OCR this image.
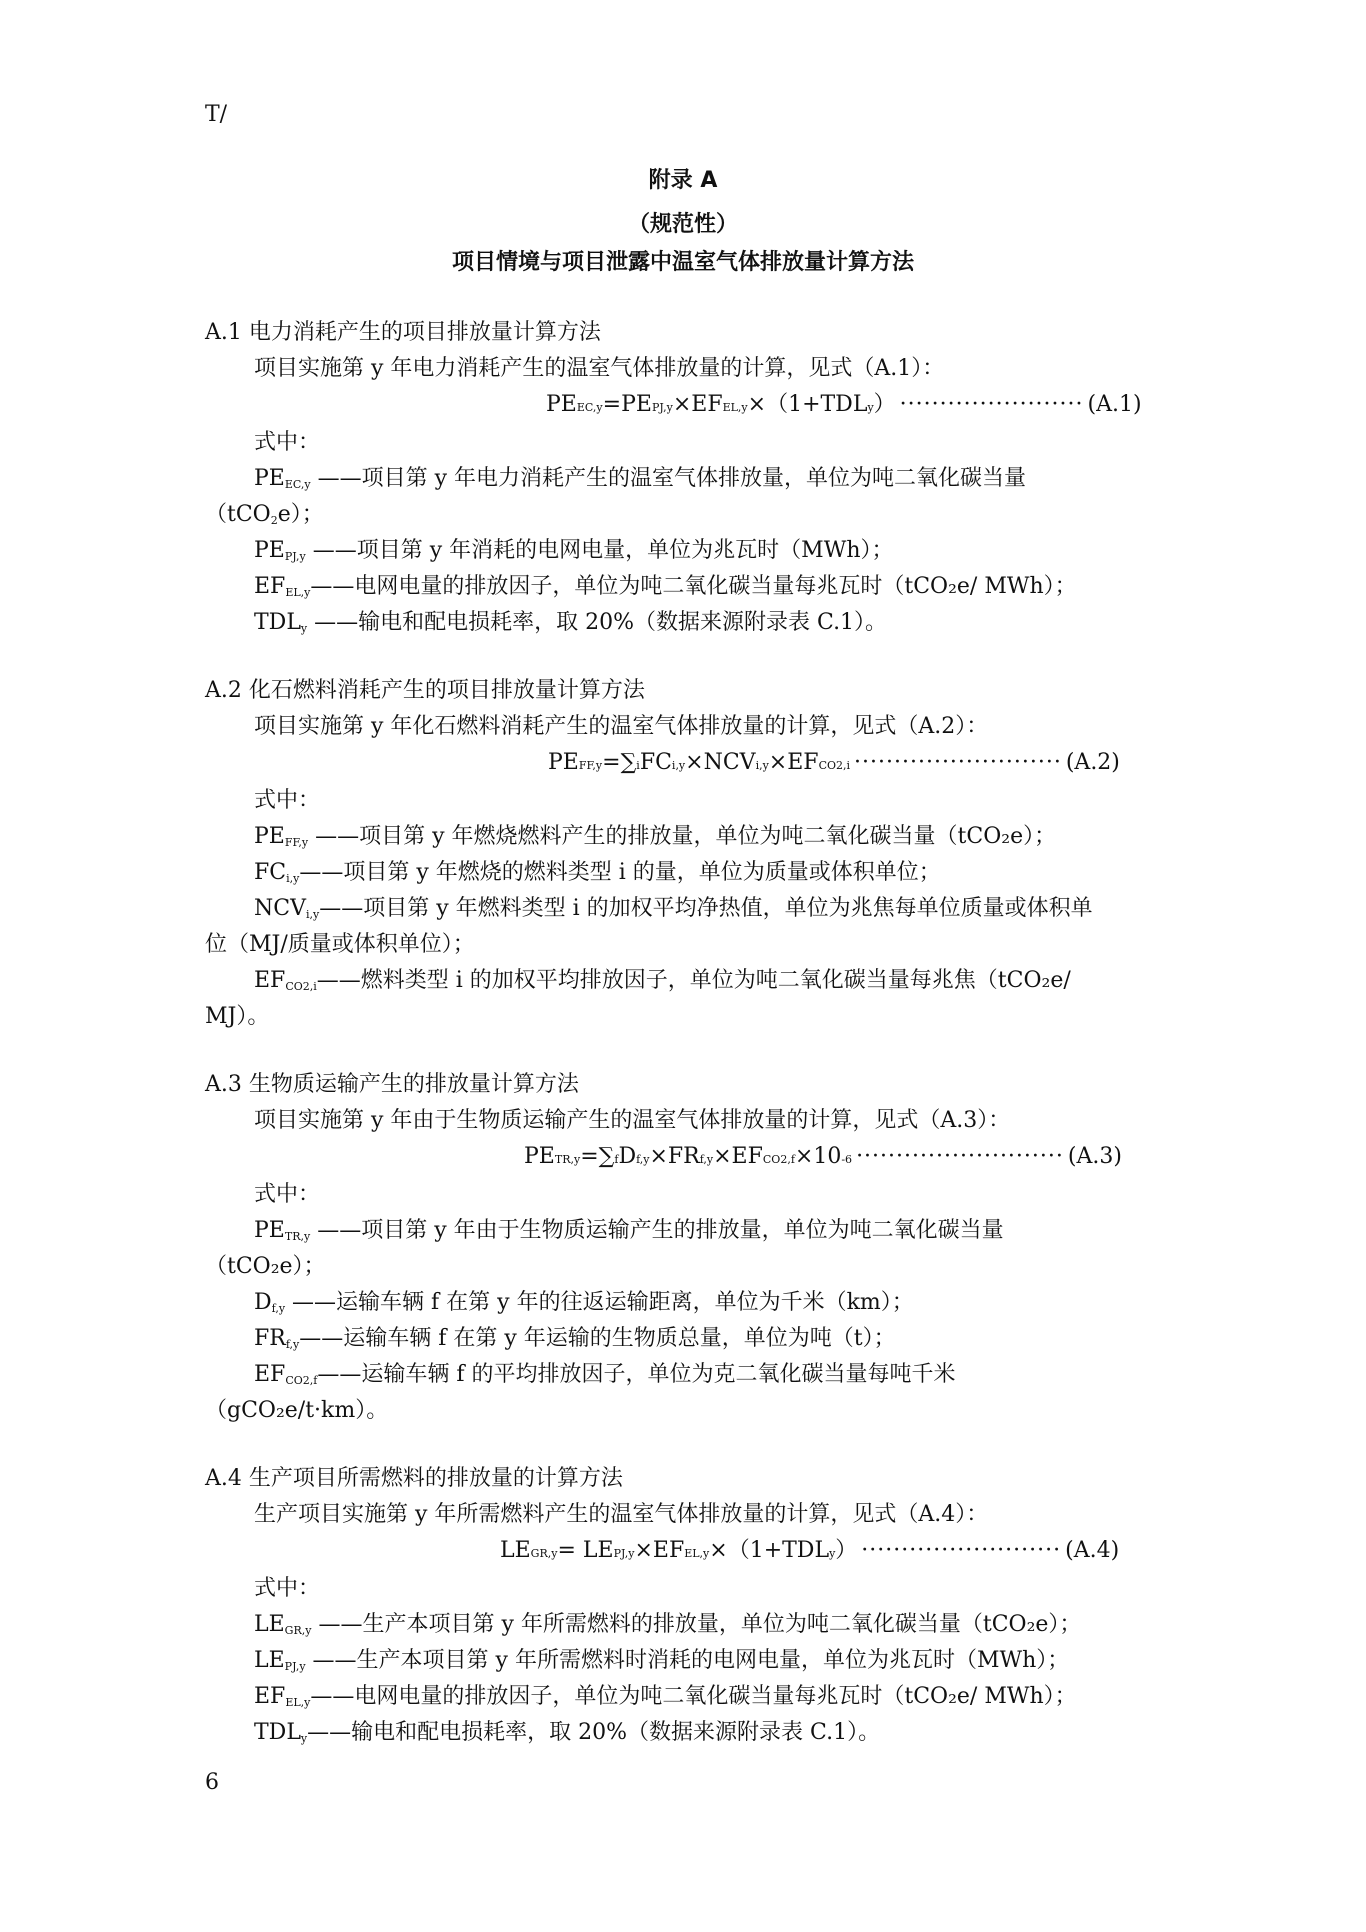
T/
附录 A
（规范性）
项目情境与项目泄露中温室气体排放量计算方法
A.1 电力消耗产生的项目排放量计算方法
项目实施第 y 年电力消耗产生的温室气体排放量的计算，见式（A.1）：
PE EC,y =PE PJ,y ×EF EL,y ×（1+TDL y ） ······················· (A.1)
式中：
$PE_{EC,y}$ ——项目第 y 年电力消耗产生的温室气体排放量，单位为吨二氧化碳当量
（tCO$_2$e）；
$PE_{PJ,y}$ ——项目第 y 年消耗的电网电量，单位为兆瓦时（MWh）；
$EF_{EL,y}——$电网电量的排放因子，单位为吨二氧化碳当量每兆瓦时（tCO₂e/ MWh）；
$TDL_y$ ——输电和配电损耗率，取 20%（数据来源附录表 C.1）。
A.2 化石燃料消耗产生的项目排放量计算方法
项目实施第 y 年化石燃料消耗产生的温室气体排放量的计算，见式（A.2）：
PE FF,y =∑ i FC i,y ×NCV i,y ×EF CO2,i ·························· (A.2)
式中：
$PE_{FF,y}$ ——项目第 y 年燃烧燃料产生的排放量，单位为吨二氧化碳当量（tCO₂e）；
$FC_{i,y}——$项目第 y 年燃烧的燃料类型 i 的量，单位为质量或体积单位；
$NCV_{i,y}——$项目第 y 年燃料类型 i 的加权平均净热值，单位为兆焦每单位质量或体积单
位（MJ/质量或体积单位）；
$EF_{CO2,i}——$燃料类型 i 的加权平均排放因子，单位为吨二氧化碳当量每兆焦（tCO₂e/
MJ）。
A.3 生物质运输产生的排放量计算方法
项目实施第 y 年由于生物质运输产生的温室气体排放量的计算，见式（A.3）：
PE TR,y =∑ f D f,y ×FR f,y ×EF CO2,f ×10 -6 ·························· (A.3)
式中：
$PE_{TR,y}$ ——项目第 y 年由于生物质运输产生的排放量，单位为吨二氧化碳当量
（tCO₂e）；
$D_{f,y}$ ——运输车辆 f 在第 y 年的往返运输距离，单位为千米（km）；
$FR_{f,y}——$运输车辆 f 在第 y 年运输的生物质总量，单位为吨（t）；
$EF_{CO2,f}——$运输车辆 f 的平均排放因子，单位为克二氧化碳当量每吨千米
（gCO₂e/t·km）。
A.4 生产项目所需燃料的排放量的计算方法
生产项目实施第 y 年所需燃料产生的温室气体排放量的计算，见式（A.4）：
LE GR,y = LE PJ,y ×EF EL,y ×（1+TDL y ） ························· (A.4)
式中：
$LE_{GR,y}$ ——生产本项目第 y 年所需燃料的排放量，单位为吨二氧化碳当量（tCO₂e）；
$LE_{PJ,y}$ ——生产本项目第 y 年所需燃料时消耗的电网电量，单位为兆瓦时（MWh）；
$EF_{EL,y}——$电网电量的排放因子，单位为吨二氧化碳当量每兆瓦时（tCO₂e/ MWh）；
$TDL_y——$输电和配电损耗率，取 20%（数据来源附录表 C.1）。
6
